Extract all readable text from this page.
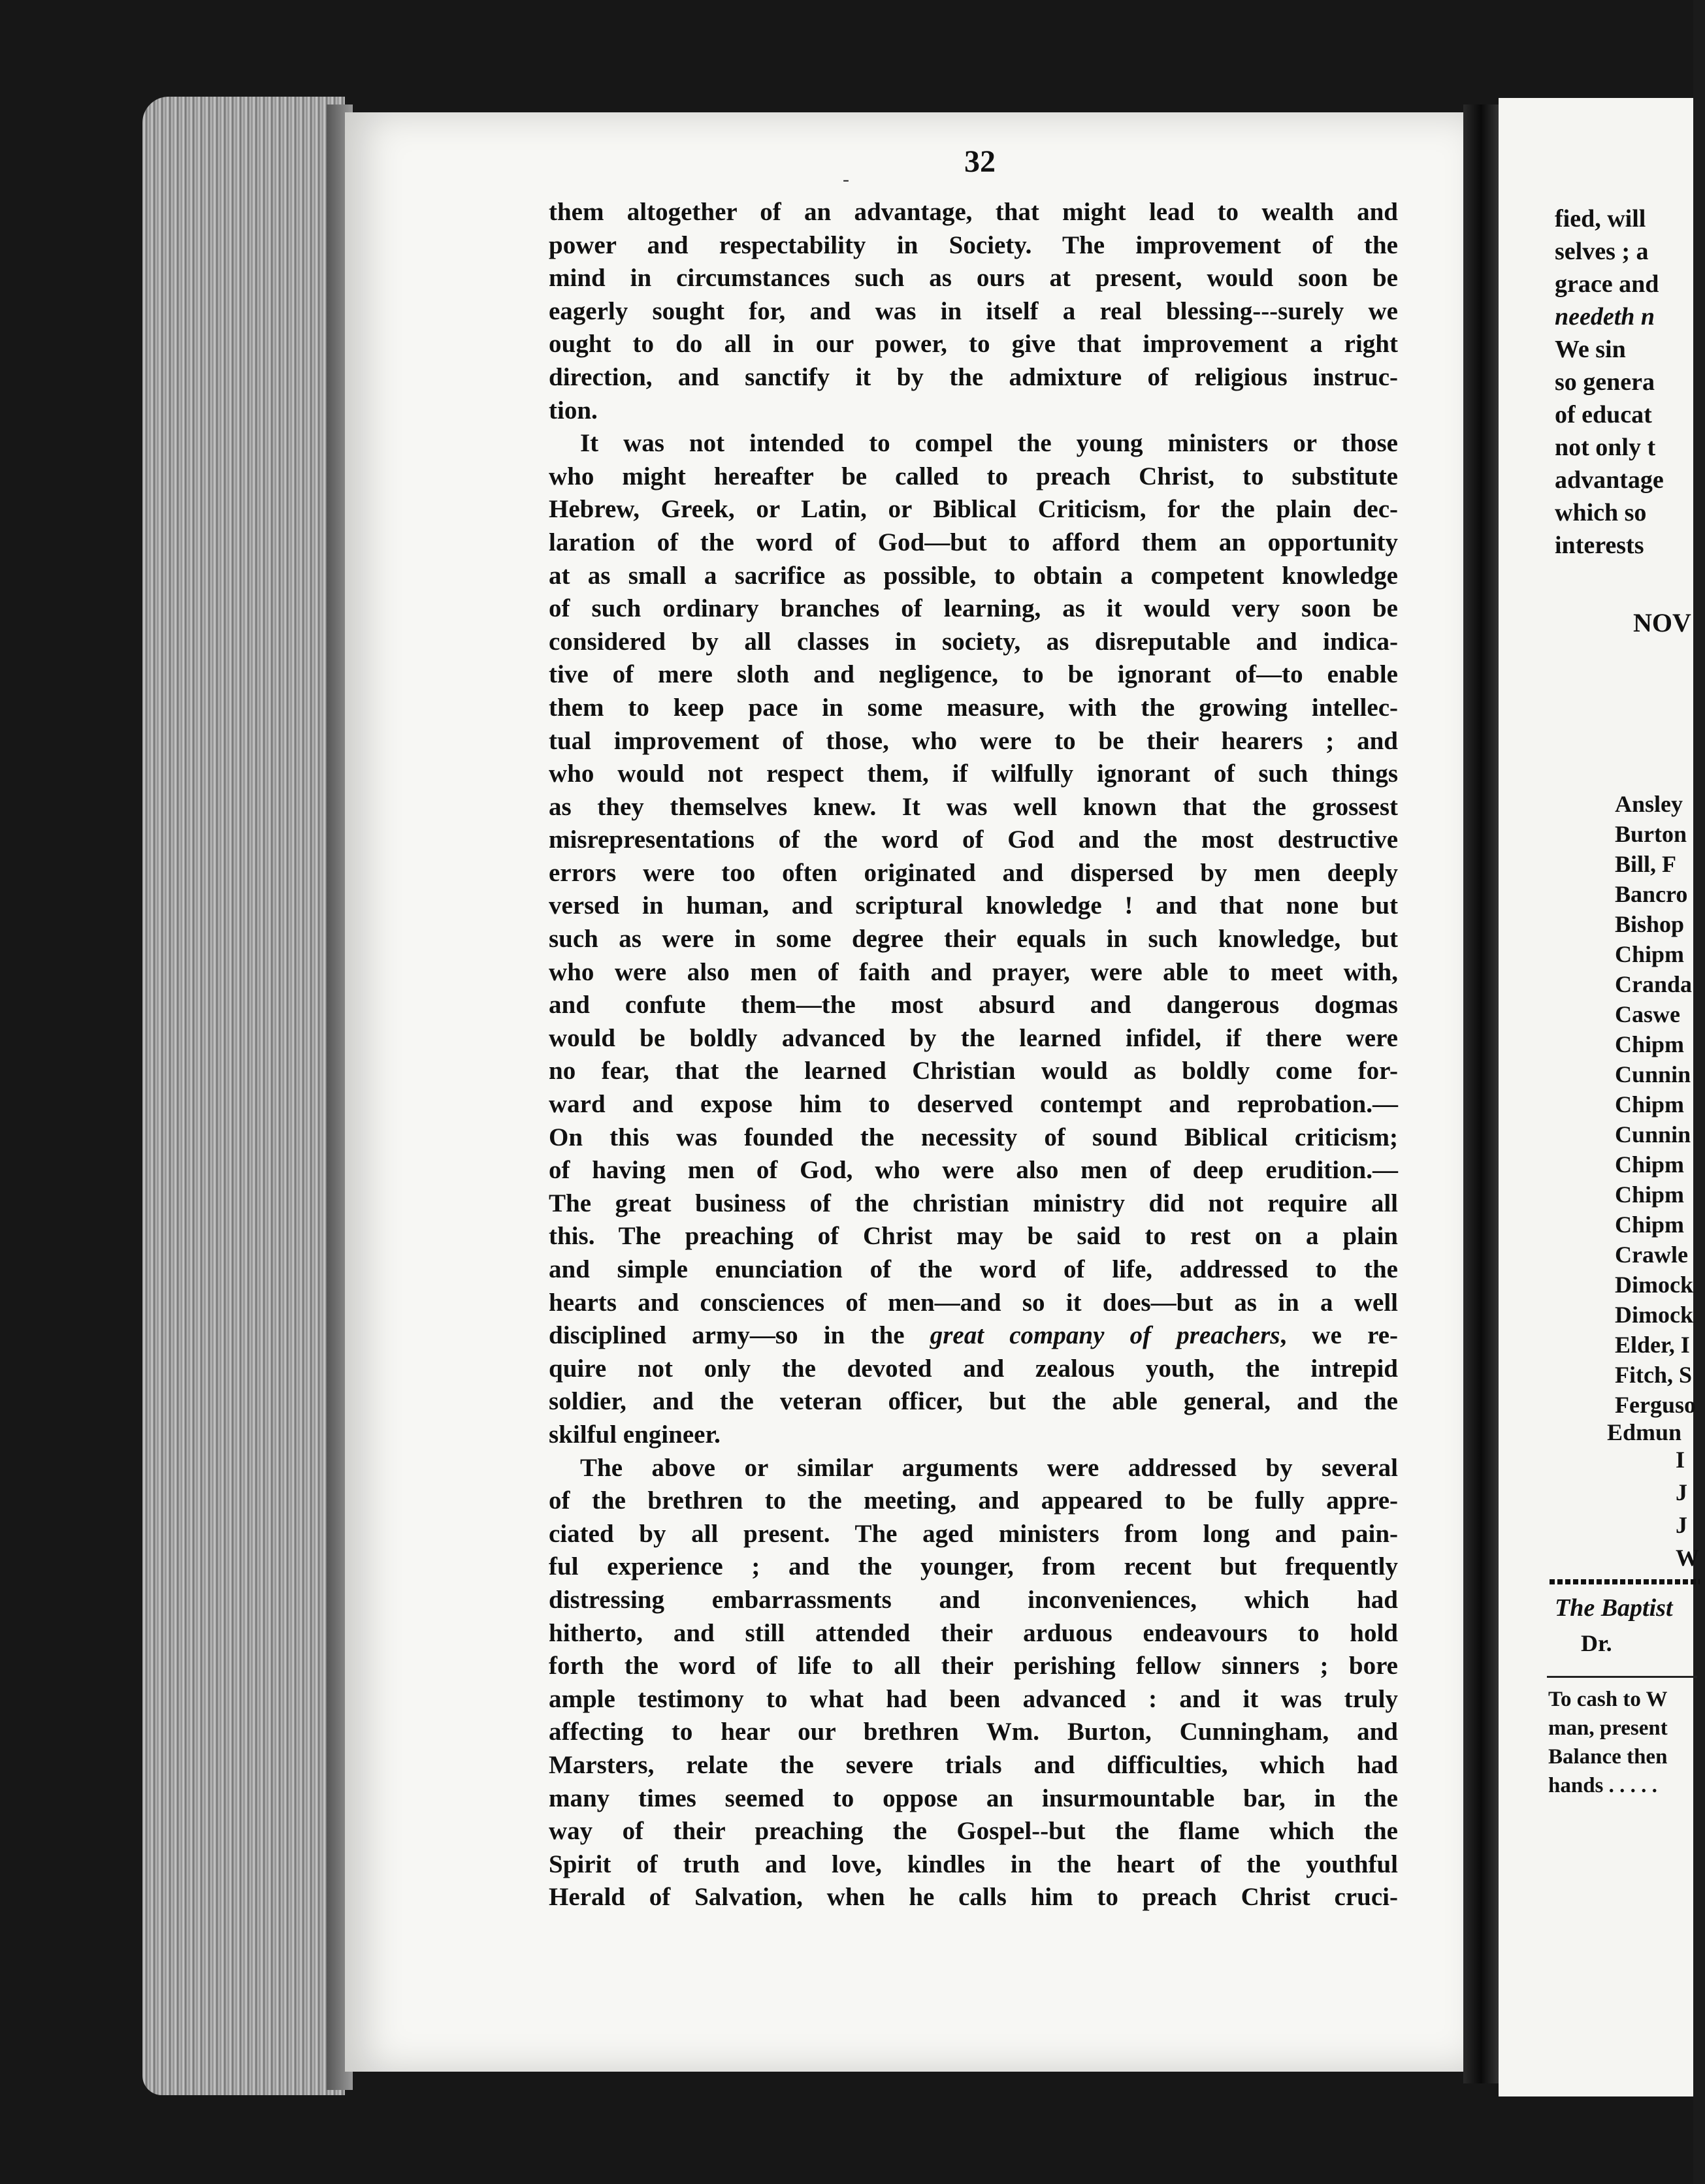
-
32
them altogether of an advantage, that might lead to wealth and
power and respectability in Society. The improvement of the
mind in circumstances such as ours at present, would soon be
eagerly sought for, and was in itself a real blessing---surely we
ought to do all in our power, to give that improvement a right
direction, and sanctify it by the admixture of religious instruc-
tion.
It was not intended to compel the young ministers or those
who might hereafter be called to preach Christ, to substitute
Hebrew, Greek, or Latin, or Biblical Criticism, for the plain dec-
laration of the word of God—but to afford them an opportunity
at as small a sacrifice as possible, to obtain a competent knowledge
of such ordinary branches of learning, as it would very soon be
considered by all classes in society, as disreputable and indica-
tive of mere sloth and negligence, to be ignorant of—to enable
them to keep pace in some measure, with the growing intellec-
tual improvement of those, who were to be their hearers ; and
who would not respect them, if wilfully ignorant of such things
as they themselves knew. It was well known that the grossest
misrepresentations of the word of God and the most destructive
errors were too often originated and dispersed by men deeply
versed in human, and scriptural knowledge ! and that none but
such as were in some degree their equals in such knowledge, but
who were also men of faith and prayer, were able to meet with,
and confute them—the most absurd and dangerous dogmas
would be boldly advanced by the learned infidel, if there were
no fear, that the learned Christian would as boldly come for-
ward and expose him to deserved contempt and reprobation.—
On this was founded the necessity of sound Biblical criticism;
of having men of God, who were also men of deep erudition.—
The great business of the christian ministry did not require all
this. The preaching of Christ may be said to rest on a plain
and simple enunciation of the word of life, addressed to the
hearts and consciences of men—and so it does—but as in a well
disciplined army—so in the great company of preachers, we re-
quire not only the devoted and zealous youth, the intrepid
soldier, and the veteran officer, but the able general, and the
skilful engineer.
The above or similar arguments were addressed by several
of the brethren to the meeting, and appeared to be fully appre-
ciated by all present. The aged ministers from long and pain-
ful experience ; and the younger, from recent but frequently
distressing embarrassments and inconveniences, which had
hitherto, and still attended their arduous endeavours to hold
forth the word of life to all their perishing fellow sinners ; bore
ample testimony to what had been advanced : and it was truly
affecting to hear our brethren Wm. Burton, Cunningham, and
Marsters, relate the severe trials and difficulties, which had
many times seemed to oppose an insurmountable bar, in the
way of their preaching the Gospel--but the flame which the
Spirit of truth and love, kindles in the heart of the youthful
Herald of Salvation, when he calls him to preach Christ cruci-
fied, will
selves ; a
grace and
needeth n
We sin
so genera
of educat
not only t
advantage
which so
interests
NOV
Ansley
Burton
Bill, F
Bancro
Bishop
Chipm
Cranda
Caswe
Chipm
Cunnin
Chipm
Cunnin
Chipm
Chipm
Chipm
Crawle
Dimock
Dimock
Elder, I
Fitch, S
Ferguso
Edmun
I
J
J
W
The Baptist
Dr.
To cash to W
man, present
Balance then
hands . . . . .
